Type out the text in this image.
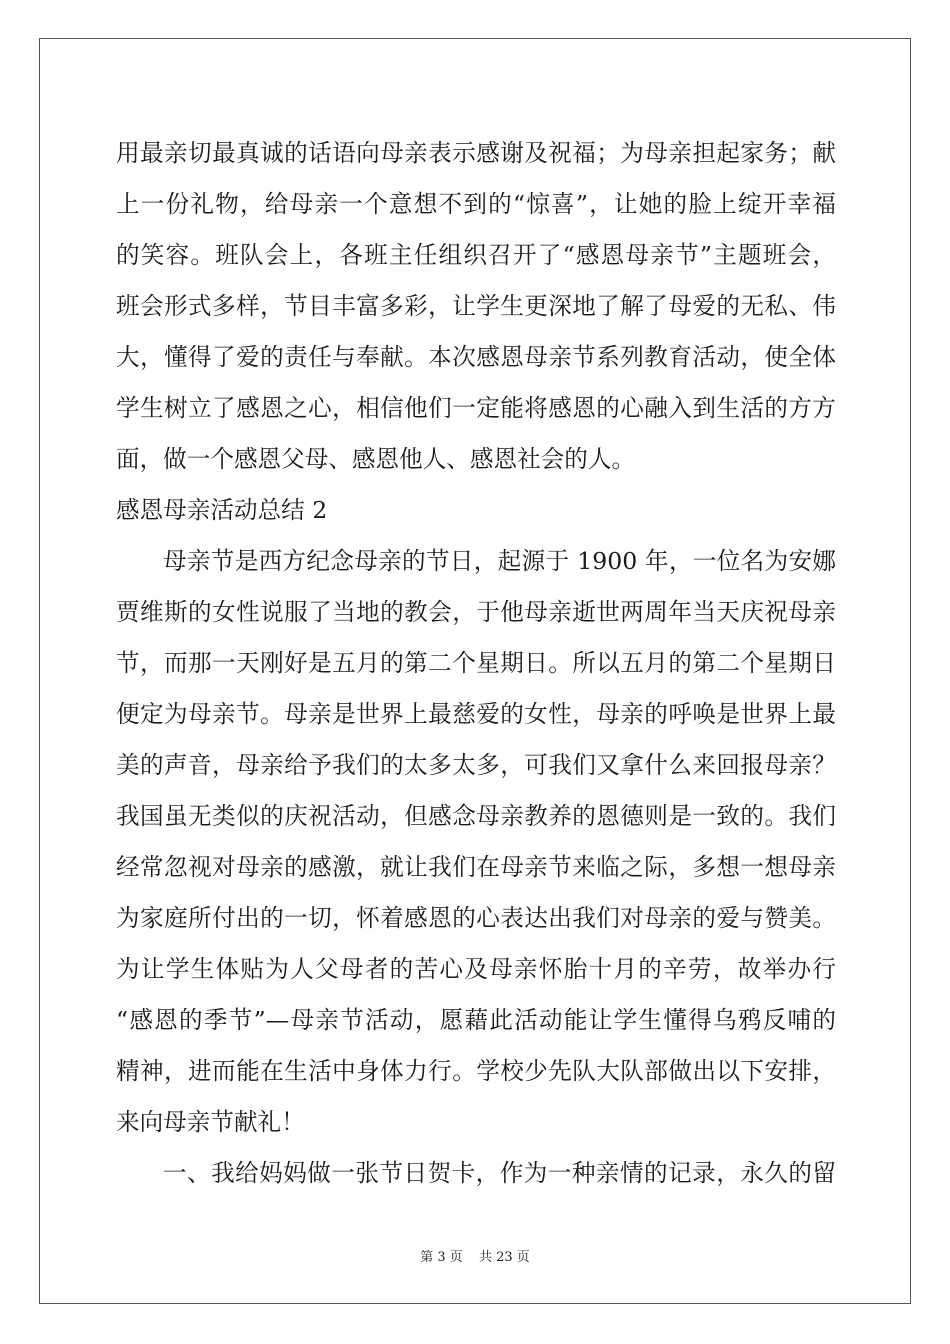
用最亲切最真诚的话语向母亲表示感谢及祝福；为母亲担起家务；献
上一份礼物，给母亲一个意想不到的“惊喜”，让她的脸上绽开幸福
的笑容。班队会上，各班主任组织召开了“感恩母亲节”主题班会，
班会形式多样，节目丰富多彩，让学生更深地了解了母爱的无私、伟
大，懂得了爱的责任与奉献。本次感恩母亲节系列教育活动，使全体
学生树立了感恩之心，相信他们一定能将感恩的心融入到生活的方方
面，做一个感恩父母、感恩他人、感恩社会的人。
感恩母亲活动总结 2
母亲节是西方纪念母亲的节日，起源于 1900 年，一位名为安娜
贾维斯的女性说服了当地的教会，于他母亲逝世两周年当天庆祝母亲
节，而那一天刚好是五月的第二个星期日。所以五月的第二个星期日
便定为母亲节。母亲是世界上最慈爱的女性，母亲的呼唤是世界上最
美的声音，母亲给予我们的太多太多，可我们又拿什么来回报母亲？
我国虽无类似的庆祝活动，但感念母亲教养的恩德则是一致的。我们
经常忽视对母亲的感激，就让我们在母亲节来临之际，多想一想母亲
为家庭所付出的一切，怀着感恩的心表达出我们对母亲的爱与赞美。
为让学生体贴为人父母者的苦心及母亲怀胎十月的辛劳，故举办行
“感恩的季节”—母亲节活动，愿藉此活动能让学生懂得乌鸦反哺的
精神，进而能在生活中身体力行。学校少先队大队部做出以下安排，
来向母亲节献礼！
一、我给妈妈做一张节日贺卡，作为一种亲情的记录，永久的留
第 3 页 共 23 页
